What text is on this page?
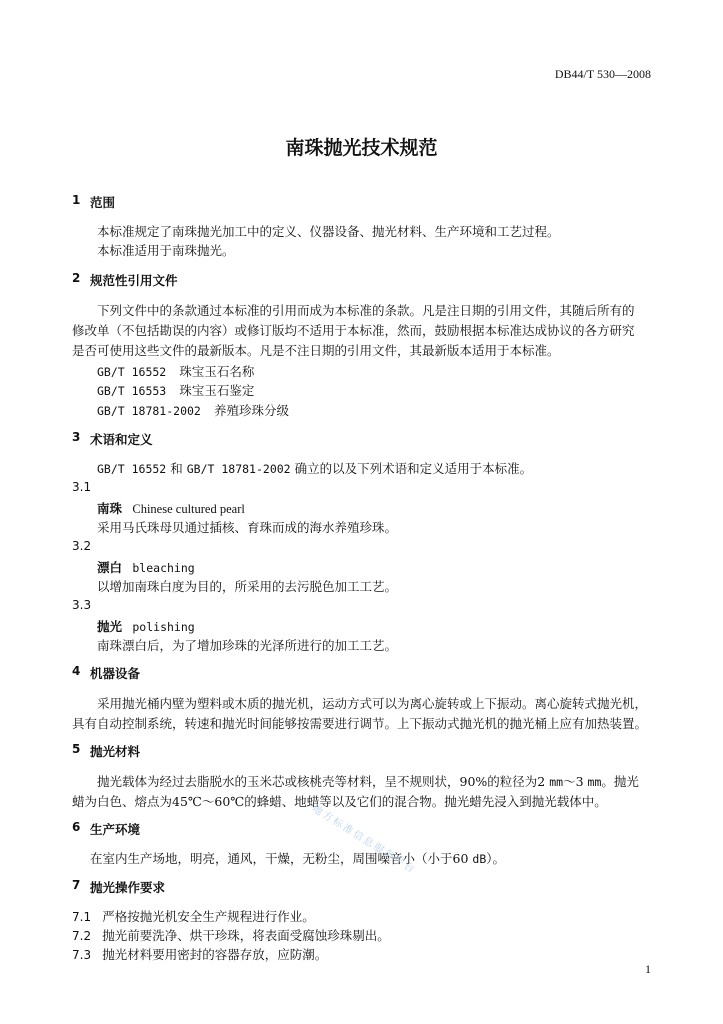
DB44/T 530—2008
南珠抛光技术规范
1 范围
本标准规定了南珠抛光加工中的定义、仪器设备、抛光材料、生产环境和工艺过程。
本标准适用于南珠抛光。
2 规范性引用文件
下列文件中的条款通过本标准的引用而成为本标准的条款。凡是注日期的引用文件，其随后所有的
修改单（不包括勘误的内容）或修订版均不适用于本标准，然而，鼓励根据本标准达成协议的各方研究
是否可使用这些文件的最新版本。凡是不注日期的引用文件，其最新版本适用于本标准。
GB/T 16552 珠宝玉石名称
GB/T 16553 珠宝玉石鉴定
GB/T 18781-2002 养殖珍珠分级
3 术语和定义
GB/T 16552 和 GB/T 18781-2002 确立的以及下列术语和定义适用于本标准。
3.1
南珠 Chinese cultured pearl
采用马氏珠母贝通过插核、育珠而成的海水养殖珍珠。
3.2
漂白 bleaching
以增加南珠白度为目的，所采用的去污脱色加工工艺。
3.3
抛光 polishing
南珠漂白后，为了增加珍珠的光泽所进行的加工工艺。
4 机器设备
采用抛光桶内壁为塑料或木质的抛光机，运动方式可以为离心旋转或上下振动。离心旋转式抛光机，
具有自动控制系统，转速和抛光时间能够按需要进行调节。上下振动式抛光机的抛光桶上应有加热装置。
5 抛光材料
抛光载体为经过去脂脱水的玉米芯或核桃壳等材料，呈不规则状，90%的粒径为2 mm～3 mm。抛光
蜡为白色、熔点为45℃～60℃的蜂蜡、地蜡等以及它们的混合物。抛光蜡先浸入到抛光载体中。
6 生产环境
在室内生产场地，明亮，通风，干燥，无粉尘，周围噪音小（小于60 dB）。
7 抛光操作要求
7.1 严格按抛光机安全生产规程进行作业。
7.2 抛光前要洗净、烘干珍珠，将表面受腐蚀珍珠剔出。
7.3 抛光材料要用密封的容器存放，应防潮。
地方标准信息服务平台
1
